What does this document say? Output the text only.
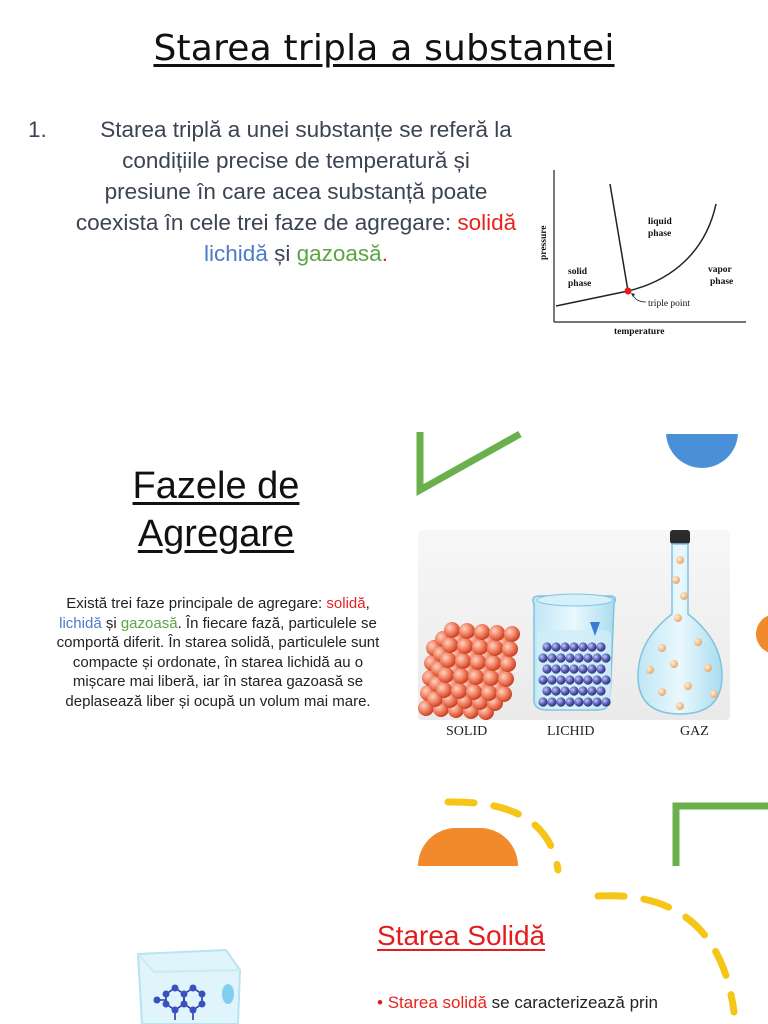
Starea tripla a substantei
1.	Starea triplă a unei substanțe se referă la
condițiile precise de temperatură și
presiune în care acea substanță poate
coexista în cele trei faze de agregare: solidă
lichidă și gazoasă.	pressure
temperature
liquid
phase
solid
phase
vapor
phase
triple point
Fazele de
Agregare
Există trei faze principale de agregare: solidă, lichidă și gazoasă. În fiecare fază, particulele se comportă diferit. În starea solidă, particulele sunt compacte și ordonate, în starea lichidă au o mișcare mai liberă, iar în starea gazoasă se deplasează liber și ocupă un volum mai mare.
SOLID	LICHID	GAZ
Starea Solidă
• Starea solidă se caracterizează prin
